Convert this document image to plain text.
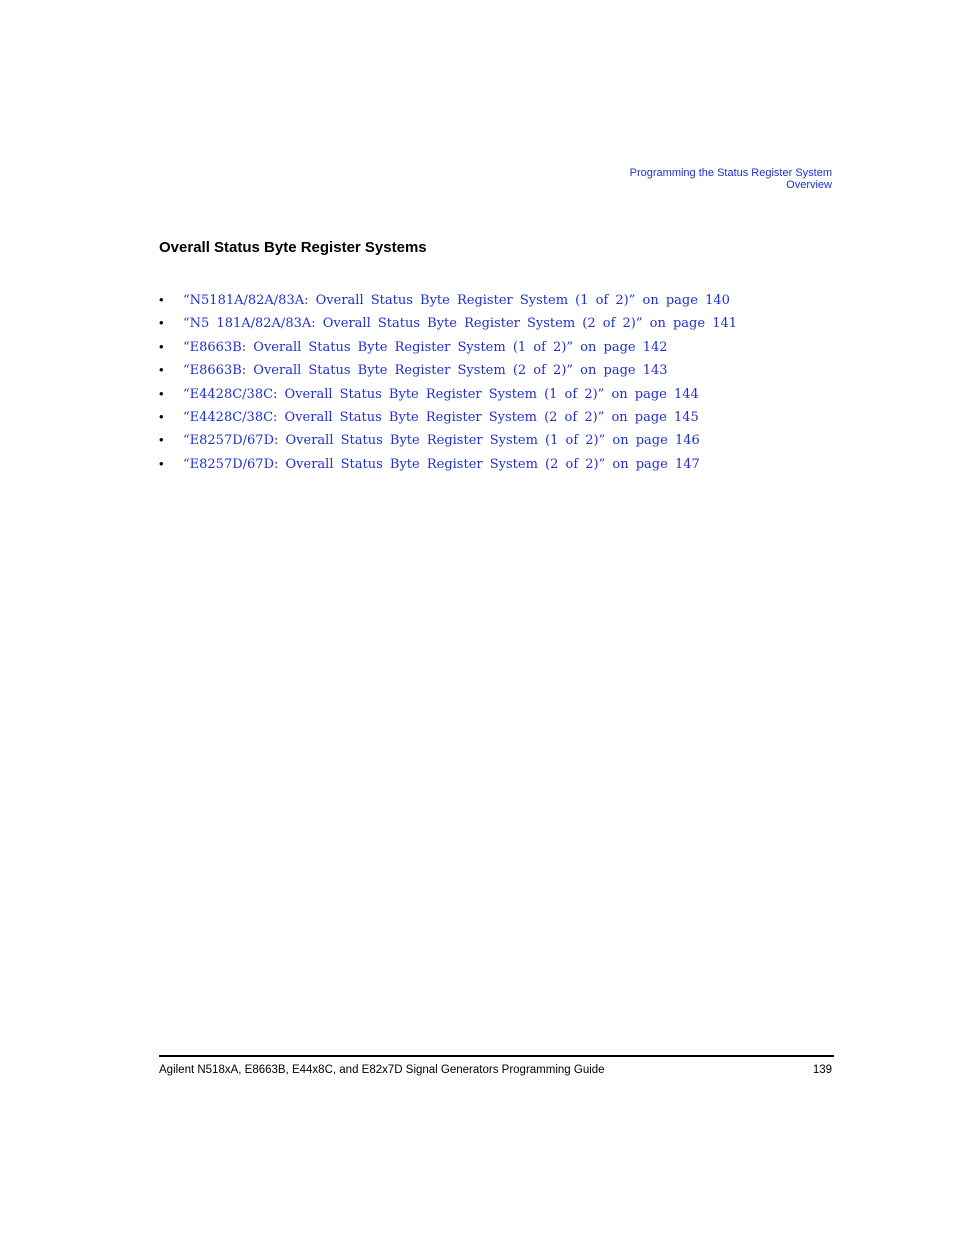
Programming the Status Register System
Overview
Overall Status Byte Register Systems
• “N5181A/82A/83A: Overall Status Byte Register System (1 of 2)” on page 140
• “N5 181A/82A/83A: Overall Status Byte Register System (2 of 2)” on page 141
• “E8663B: Overall Status Byte Register System (1 of 2)” on page 142
• “E8663B: Overall Status Byte Register System (2 of 2)” on page 143
• “E4428C/38C: Overall Status Byte Register System (1 of 2)” on page 144
• “E4428C/38C: Overall Status Byte Register System (2 of 2)” on page 145
• “E8257D/67D: Overall Status Byte Register System (1 of 2)” on page 146
• “E8257D/67D: Overall Status Byte Register System (2 of 2)” on page 147
Agilent N518xA, E8663B, E44x8C, and E82x7D Signal Generators Programming Guide	139
